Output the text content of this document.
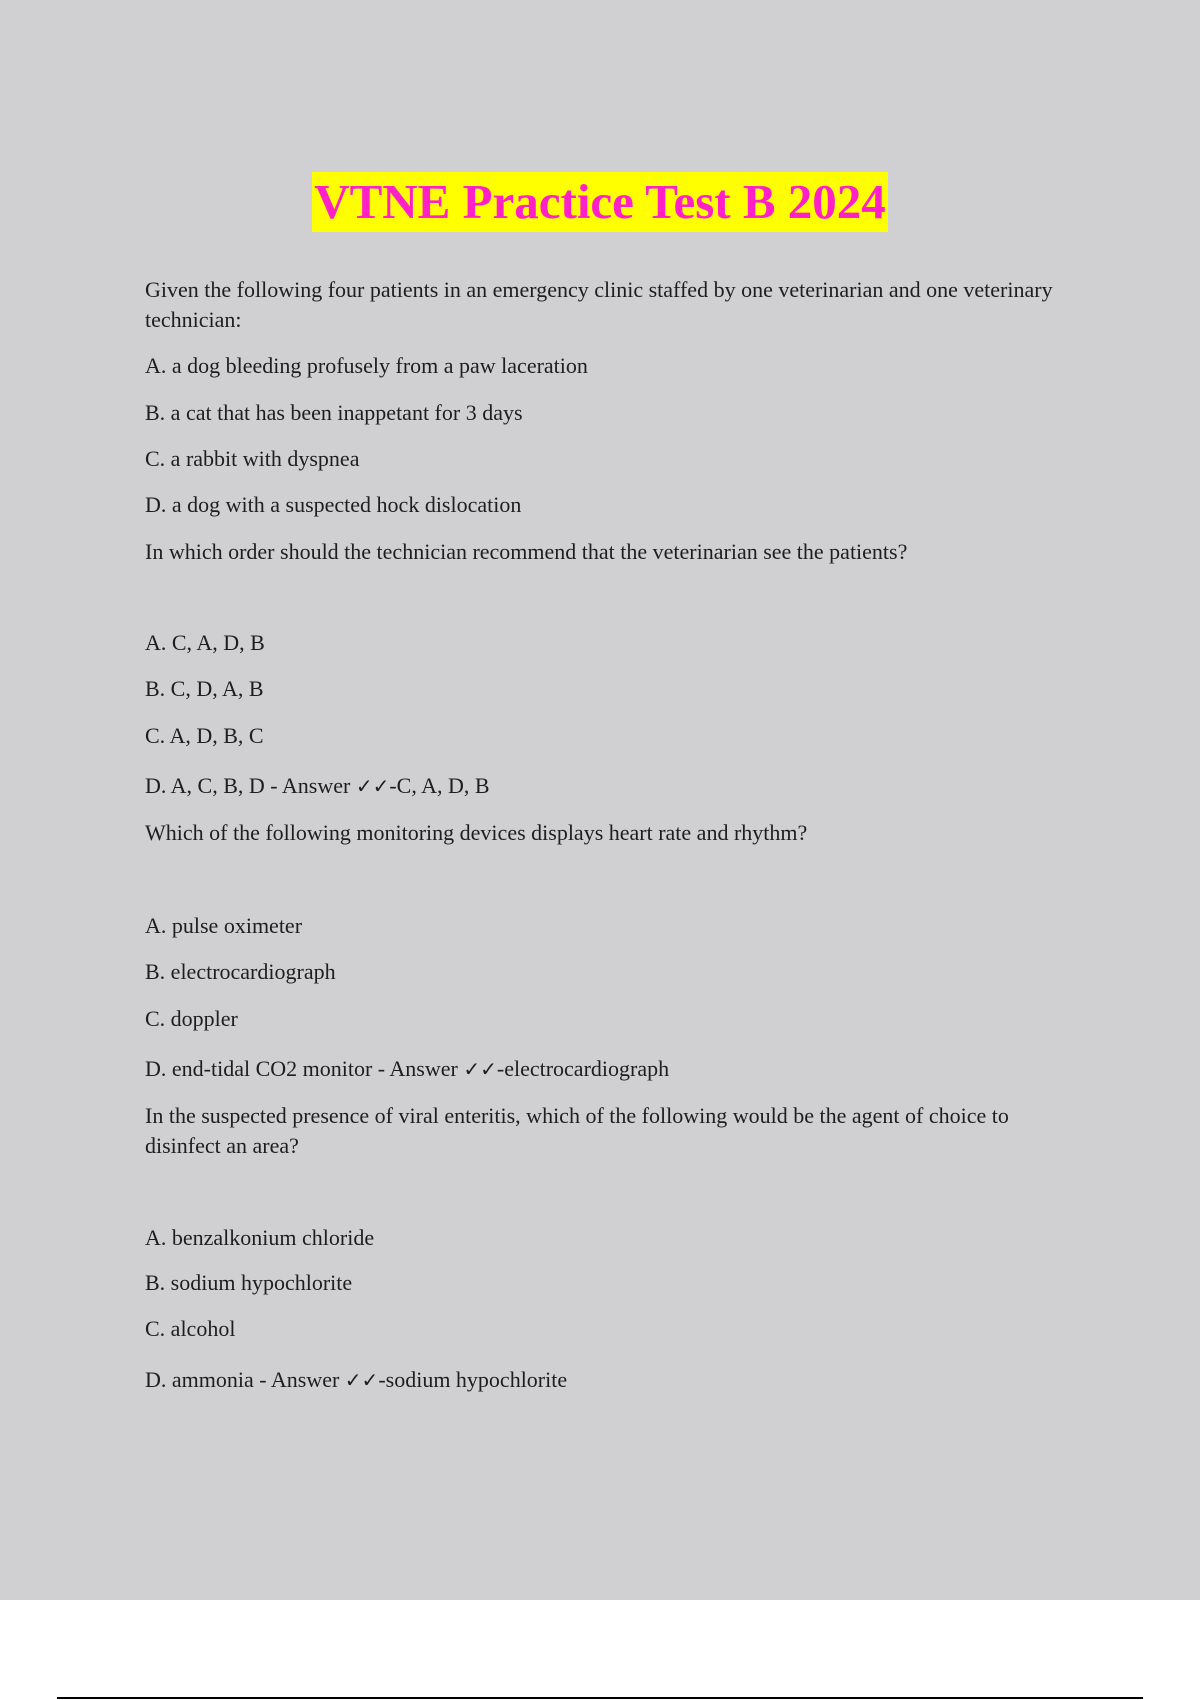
VTNE Practice Test B 2024
Given the following four patients in an emergency clinic staffed by one veterinarian and one veterinary technician:
A. a dog bleeding profusely from a paw laceration
B. a cat that has been inappetant for 3 days
C. a rabbit with dyspnea
D. a dog with a suspected hock dislocation
In which order should the technician recommend that the veterinarian see the patients?
A. C, A, D, B
B. C, D, A, B
C. A, D, B, C
D. A, C, B, D - Answer ✓✓-C, A, D, B
Which of the following monitoring devices displays heart rate and rhythm?
A. pulse oximeter
B. electrocardiograph
C. doppler
D. end-tidal CO2 monitor - Answer ✓✓-electrocardiograph
In the suspected presence of viral enteritis, which of the following would be the agent of choice to disinfect an area?
A. benzalkonium chloride
B. sodium hypochlorite
C. alcohol
D. ammonia - Answer ✓✓-sodium hypochlorite
